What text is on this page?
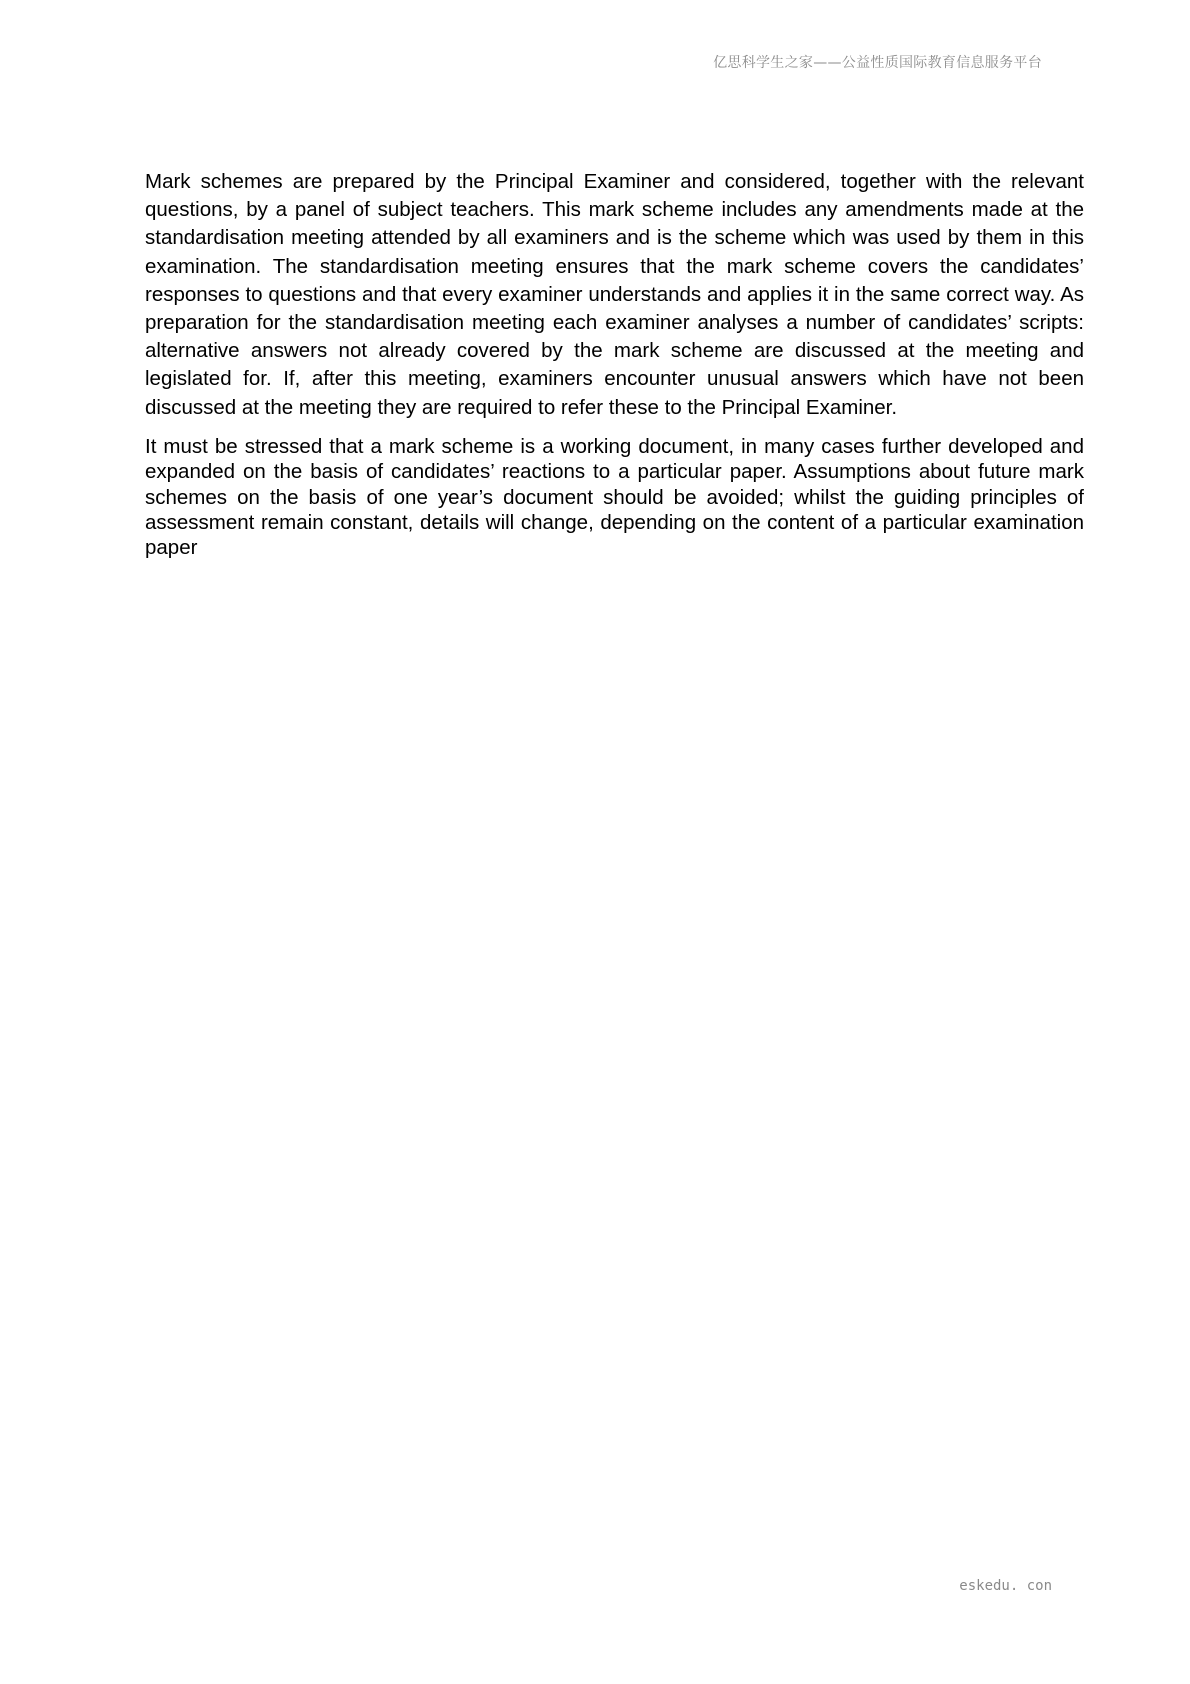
亿思科学生之家——公益性质国际教育信息服务平台

Mark schemes are prepared by the Principal Examiner and considered, together with the relevant questions, by a panel of subject teachers. This mark scheme includes any amendments made at the standardisation meeting attended by all examiners and is the scheme which was used by them in this examination. The standardisation meeting ensures that the mark scheme covers the candidates’ responses to questions and that every examiner understands and applies it in the same correct way. As preparation for the standardisation meeting each examiner analyses a number of candidates’ scripts: alternative answers not already covered by the mark scheme are discussed at the meeting and legislated for. If, after this meeting, examiners encounter unusual answers which have not been discussed at the meeting they are required to refer these to the Principal Examiner.

It must be stressed that a mark scheme is a working document, in many cases further developed and expanded on the basis of candidates’ reactions to a particular paper. Assumptions about future mark schemes on the basis of one year’s document should be avoided; whilst the guiding principles of assessment remain constant, details will change, depending on the content of a particular examination paper

eskedu. con
